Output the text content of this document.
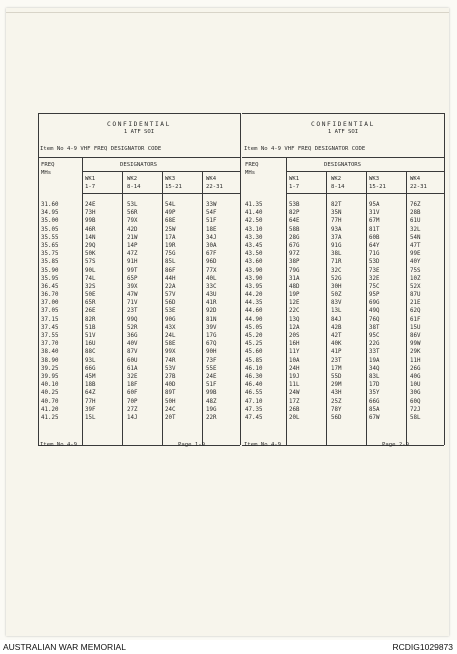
CONFIDENTIAL
1 ATF SOI
Item No 4-9 VHF FREQ DESIGNATOR CODE
FREQ
MHs
DESIGNATORS
WK1	WK2	WK3	WK4
1-7	8-14	15-21	22-31
31.60	24E	53L	54L	33W
34.95	73H	56R	49P	54F
35.00	99B	79X	68E	51F
35.05	46R	42D	25W	18E
35.55	14N	21W	17A	34J
35.65	29Q	14P	19R	30A
35.75	50K	47Z	75G	67F
35.85	57S	91H	85L	96D
35.90	90L	99T	86F	77X
35.95	74L	65P	44H	40L
36.45	32S	39X	22A	33C
36.70	50E	47W	57V	43U
37.00	65R	71V	56D	41R
37.05	26E	23T	53E	92D
37.15	82R	99Q	90G	81N
37.45	51B	52R	43X	39V
37.55	51V	36G	24L	17G
37.70	16U	40V	58E	67Q
38.40	88C	87V	99X	90H
38.90	93L	60U	74R	73F
39.25	66G	61A	53V	55E
39.95	45M	32E	27B	24E
40.10	18B	18F	40D	51F
40.25	64Z	60F	89T	99B
40.70	77H	70P	50H	48Z
41.20	39F	27Z	24C	19G
41.25	15L	14J	20T	22R
Item No 4-9	Page 1-9
CONFIDENTIAL
1 ATF SOI
Item No 4-9 VHF FREQ DESIGNATOR CODE
FREQ
MHs
DESIGNATORS
WK1	WK2	WK3	WK4
1-7	8-14	15-21	22-31
41.35	53B	82T	95A	76Z
41.40	82P	35N	31V	28B
42.50	64E	77H	67M	61U
43.10	58B	93A	81T	32L
43.30	28G	37A	60B	54N
43.45	67G	91G	64Y	47T
43.50	97Z	38L	71G	99E
43.60	38P	71R	53D	40Y
43.90	79G	32C	73E	75S
43.90	31A	52G	32E	10Z
43.95	48D	30H	75C	52X
44.20	19P	50Z	95P	87U
44.35	12E	83V	69G	21E
44.60	22C	13L	49Q	62Q
44.90	13Q	84J	76Q	61F
45.05	12A	42B	38T	15U
45.20	20S	42T	95C	86V
45.25	16H	40K	22G	99W
45.60	11Y	41P	33T	29K
45.85	10A	23T	19A	11H
46.10	24H	17M	34Q	26G
46.30	19J	55D	83L	40G
46.40	11L	29M	17D	10U
46.55	24W	43H	35Y	30G
47.10	17Z	25Z	66G	60Q
47.35	26B	78Y	85A	72J
47.45	20L	56D	67W	58L
Item No 4-9	Page 2-9
AUSTRALIAN WAR MEMORIAL	RCDIG1029873
